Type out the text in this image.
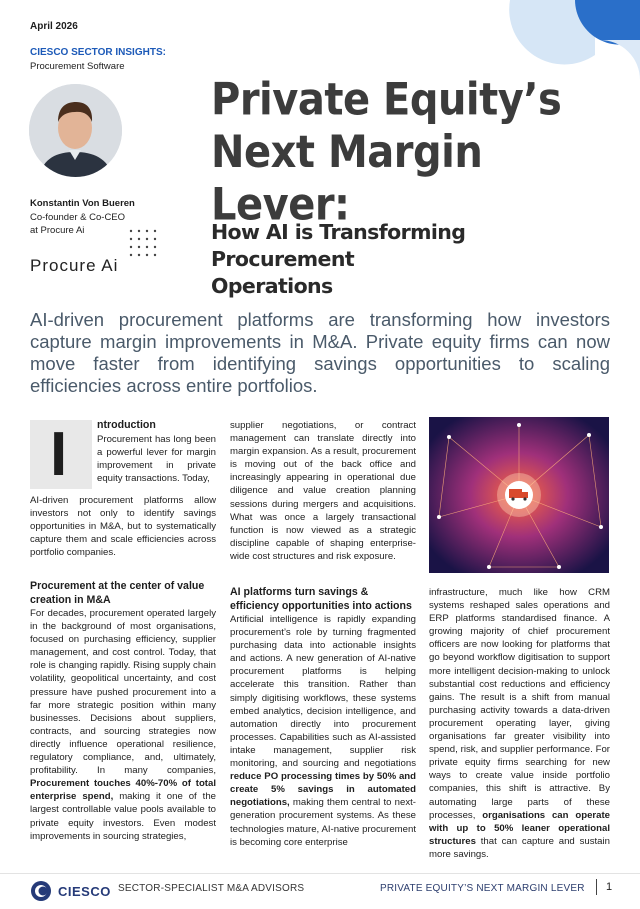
April 2026
CIESCO SECTOR INSIGHTS:
Procurement Software
Konstantin Von Bueren
Co-founder & Co-CEO
at Procure Ai
Procure Ai
Private Equity’s
Next Margin Lever:
How AI is Transforming Procurement
Operations
AI-driven procurement platforms are transforming how investors capture margin improvements in M&A. Private equity firms can now move faster from identifying savings opportunities to scaling efficiencies across entire portfolios.
I	ntroduction

Procurement has long been a powerful lever for margin improvement in private equity transactions. Today,

AI-driven procurement platforms allow investors not only to identify savings opportunities in M&A, but to systematically capture them and scale efficiencies across portfolio companies.

Procurement at the center of value creation in M&A

For decades, procurement operated largely in the background of most organisations, focused on purchasing efficiency, supplier management, and cost control. Today, that role is changing rapidly. Rising supply chain volatility, geopolitical uncertainty, and cost pressure have pushed procurement into a far more strategic position within many businesses. Decisions about suppliers, contracts, and sourcing strategies now directly influence operational resilience, regulatory compliance, and, ultimately, profitability. In many companies, Procurement touches 40%-70% of total enterprise spend, making it one of the largest controllable value pools available to private equity investors. Even modest improvements in sourcing strategies,

supplier negotiations, or contract management can translate directly into margin expansion. As a result, procurement is moving out of the back office and increasingly appearing in operational due diligence and value creation planning sessions during mergers and acquisitions. What was once a largely transactional function is now viewed as a strategic discipline capable of shaping enterprise-wide cost structures and risk exposure.

AI platforms turn savings & efficiency opportunities into actions

Artificial intelligence is rapidly expanding procurement’s role by turning fragmented purchasing data into actionable insights and actions. A new generation of AI-native procurement platforms is helping accelerate this transition. Rather than simply digitising workflows, these systems embed analytics, decision intelligence, and automation directly into procurement processes. Capabilities such as AI-assisted intake management, supplier risk monitoring, and sourcing and negotiations reduce PO processing times by 50% and create 5% savings in automated negotiations, making them central to next-generation procurement systems. As these technologies mature, AI-native procurement is becoming core enterprise

infrastructure, much like how CRM systems reshaped sales operations and ERP platforms standardised finance. A growing majority of chief procurement officers are now looking for platforms that go beyond workflow digitisation to support more intelligent decision-making to unlock substantial cost reductions and efficiency gains. The result is a shift from manual purchasing activity towards a data-driven procurement operating layer, giving organisations far greater visibility into spend, risk, and supplier performance. For private equity firms searching for new ways to create value inside portfolio companies, this shift is attractive. By automating large parts of these processes, organisations can operate with up to 50% leaner operational structures that can capture and sustain more savings.

CIESCO SECTOR-SPECIALIST M&A ADVISORS	PRIVATE EQUITY’S NEXT MARGIN LEVER 1
